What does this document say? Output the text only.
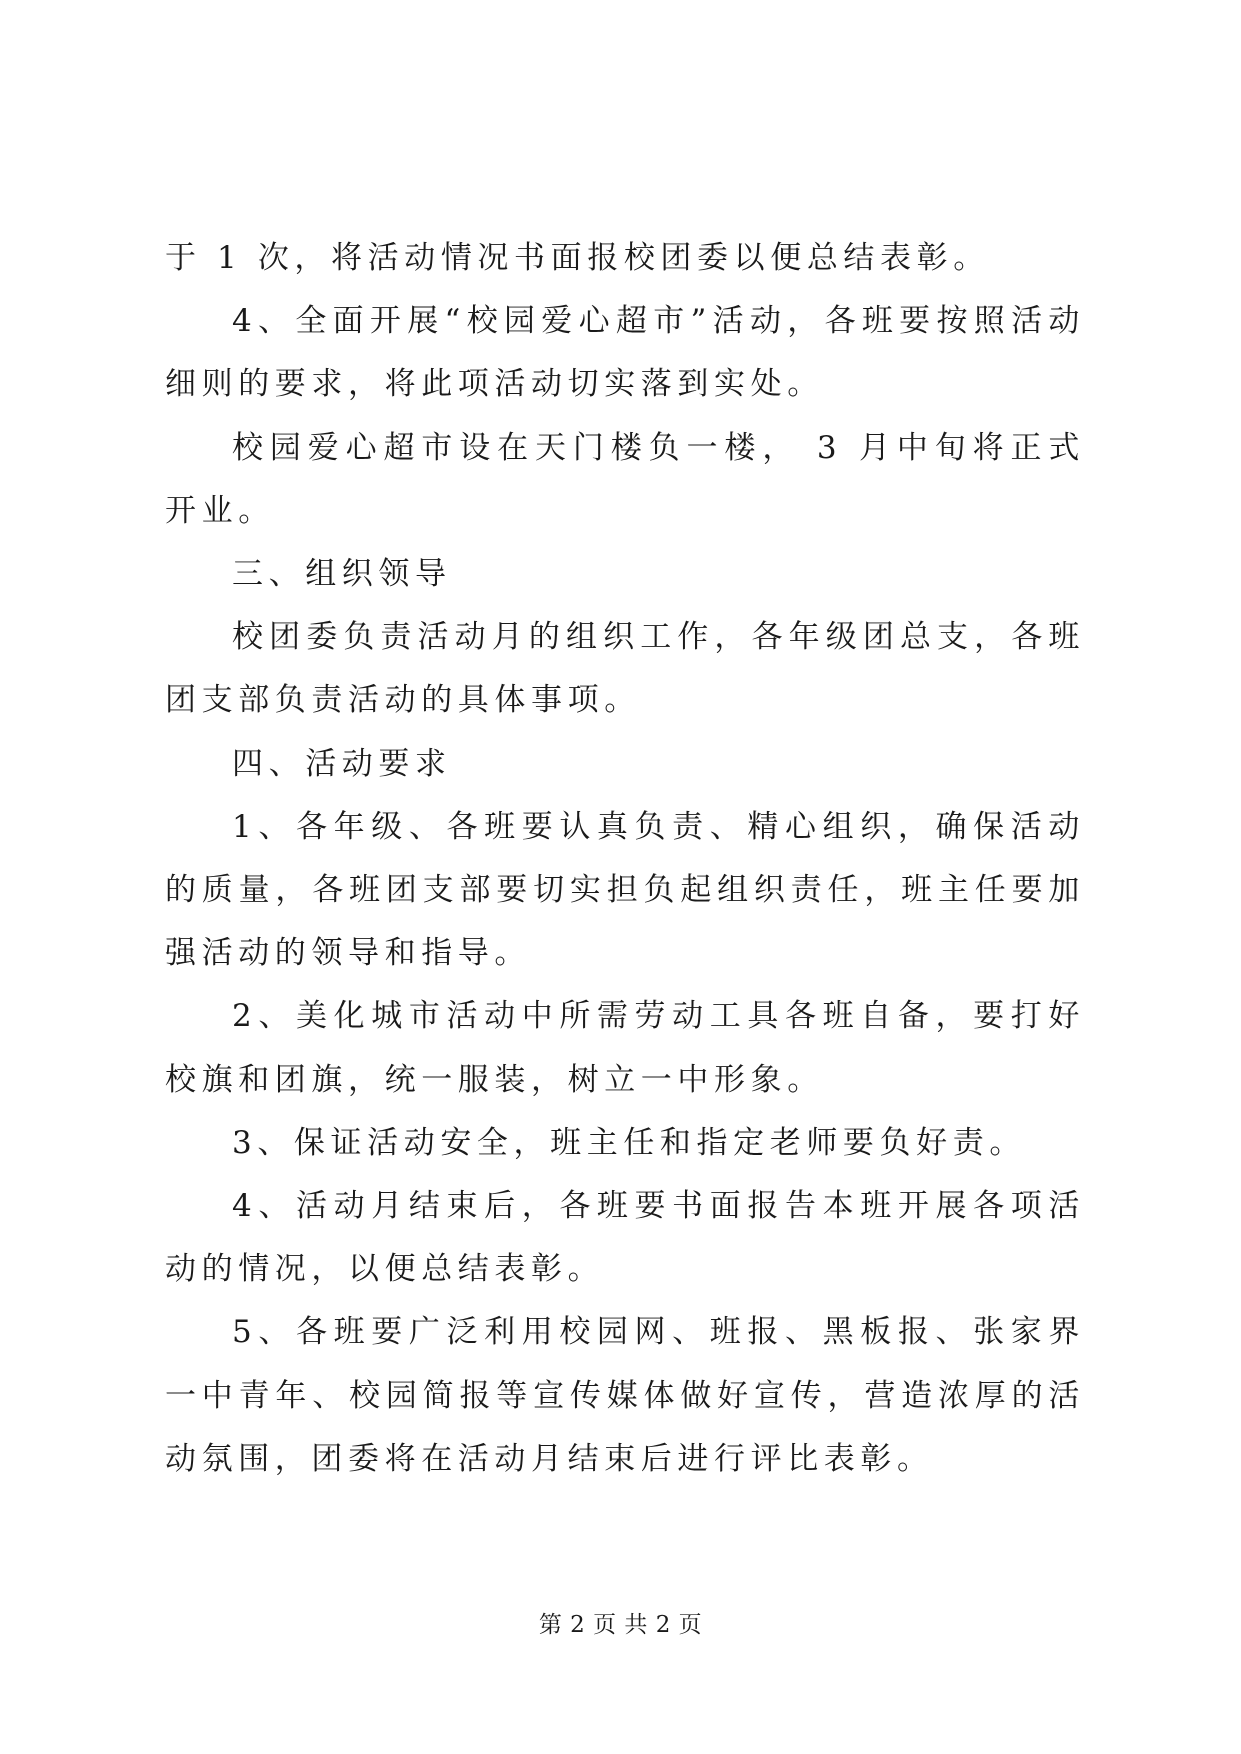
于 1 次，将活动情况书面报校团委以便总结表彰。

4、全面开展“校园爱心超市”活动，各班要按照活动细则的要求，将此项活动切实落到实处。

校园爱心超市设在天门楼负一楼， 3 月中旬将正式开业。

三、组织领导

校团委负责活动月的组织工作，各年级团总支，各班团支部负责活动的具体事项。

四、活动要求

1、各年级、各班要认真负责、精心组织，确保活动的质量，各班团支部要切实担负起组织责任，班主任要加强活动的领导和指导。

2、美化城市活动中所需劳动工具各班自备，要打好校旗和团旗，统一服装，树立一中形象。

3、保证活动安全，班主任和指定老师要负好责。

4、活动月结束后，各班要书面报告本班开展各项活动的情况，以便总结表彰。

5、各班要广泛利用校园网、班报、黑板报、张家界一中青年、校园简报等宣传媒体做好宣传，营造浓厚的活动氛围，团委将在活动月结束后进行评比表彰。

第 2 页 共 2 页
